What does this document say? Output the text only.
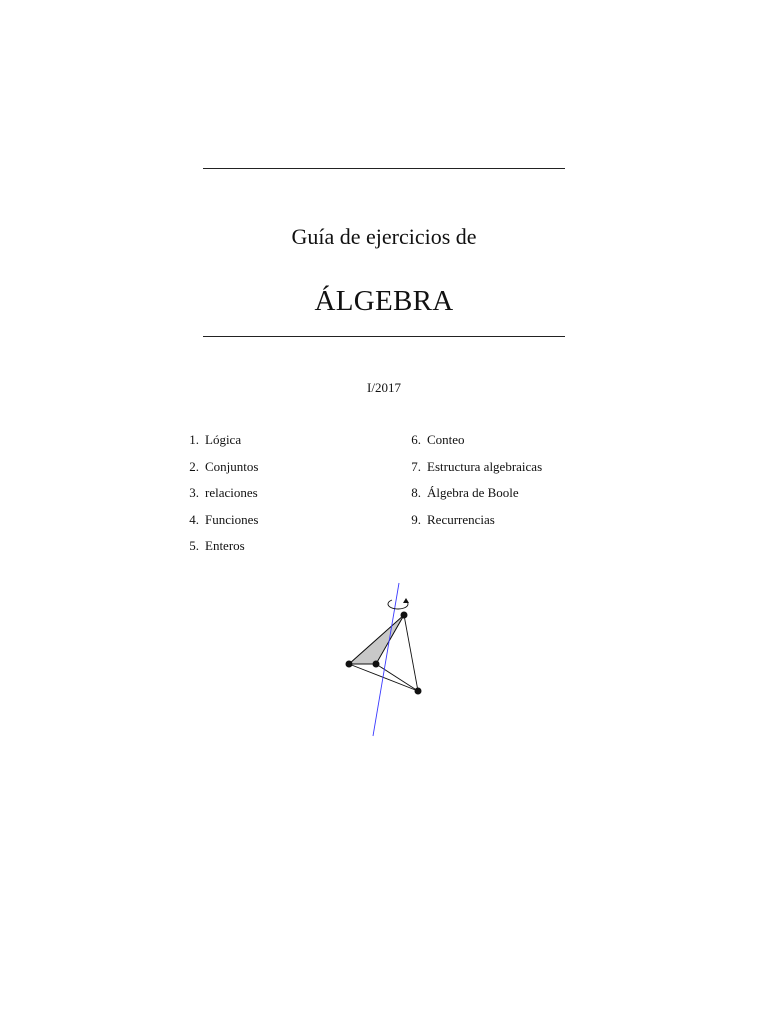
Guía de ejercicios de
ÁLGEBRA
I/2017
1. Lógica
2. Conjuntos
3. relaciones
4. Funciones
5. Enteros
6. Conteo
7. Estructura algebraicas
8. Álgebra de Boole
9. Recurrencias
